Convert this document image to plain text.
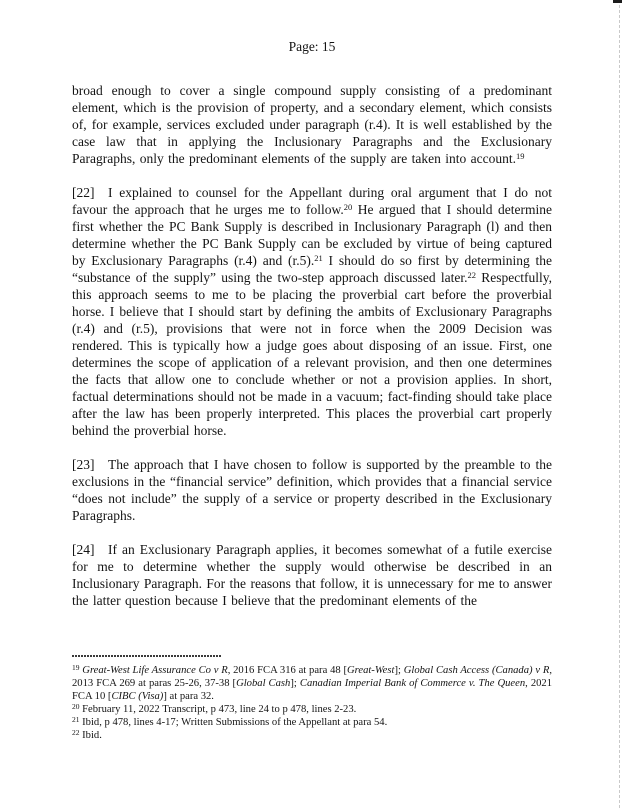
Page: 15

broad enough to cover a single compound supply consisting of a predominant element, which is the provision of property, and a secondary element, which consists of, for example, services excluded under paragraph (r.4). It is well established by the case law that in applying the Inclusionary Paragraphs and the Exclusionary Paragraphs, only the predominant elements of the supply are taken into account.$^{19}$

[22]  I explained to counsel for the Appellant during oral argument that I do not favour the approach that he urges me to follow.$^{20}$ He argued that I should determine first whether the PC Bank Supply is described in Inclusionary Paragraph (l) and then determine whether the PC Bank Supply can be excluded by virtue of being captured by Exclusionary Paragraphs (r.4) and (r.5).$^{21}$ I should do so first by determining the “substance of the supply” using the two-step approach discussed later.$^{22}$ Respectfully, this approach seems to me to be placing the proverbial cart before the proverbial horse. I believe that I should start by defining the ambits of Exclusionary Paragraphs (r.4) and (r.5), provisions that were not in force when the 2009 Decision was rendered. This is typically how a judge goes about disposing of an issue. First, one determines the scope of application of a relevant provision, and then one determines the facts that allow one to conclude whether or not a provision applies. In short, factual determinations should not be made in a vacuum; fact-finding should take place after the law has been properly interpreted. This places the proverbial cart properly behind the proverbial horse.

[23]  The approach that I have chosen to follow is supported by the preamble to the exclusions in the “financial service” definition, which provides that a financial service “does not include” the supply of a service or property described in the Exclusionary Paragraphs.

[24]  If an Exclusionary Paragraph applies, it becomes somewhat of a futile exercise for me to determine whether the supply would otherwise be described in an Inclusionary Paragraph. For the reasons that follow, it is unnecessary for me to answer the latter question because I believe that the predominant elements of the

$^{19}$ Great-West Life Assurance Co v R, 2016 FCA 316 at para 48 [Great-West]; Global Cash Access (Canada) v R, 2013 FCA 269 at paras 25-26, 37-38 [Global Cash]; Canadian Imperial Bank of Commerce v. The Queen, 2021 FCA 10 [CIBC (Visa)] at para 32.
$^{20}$ February 11, 2022 Transcript, p 473, line 24 to p 478, lines 2-23.
$^{21}$ Ibid, p 478, lines 4-17; Written Submissions of the Appellant at para 54.
$^{22}$ Ibid.
